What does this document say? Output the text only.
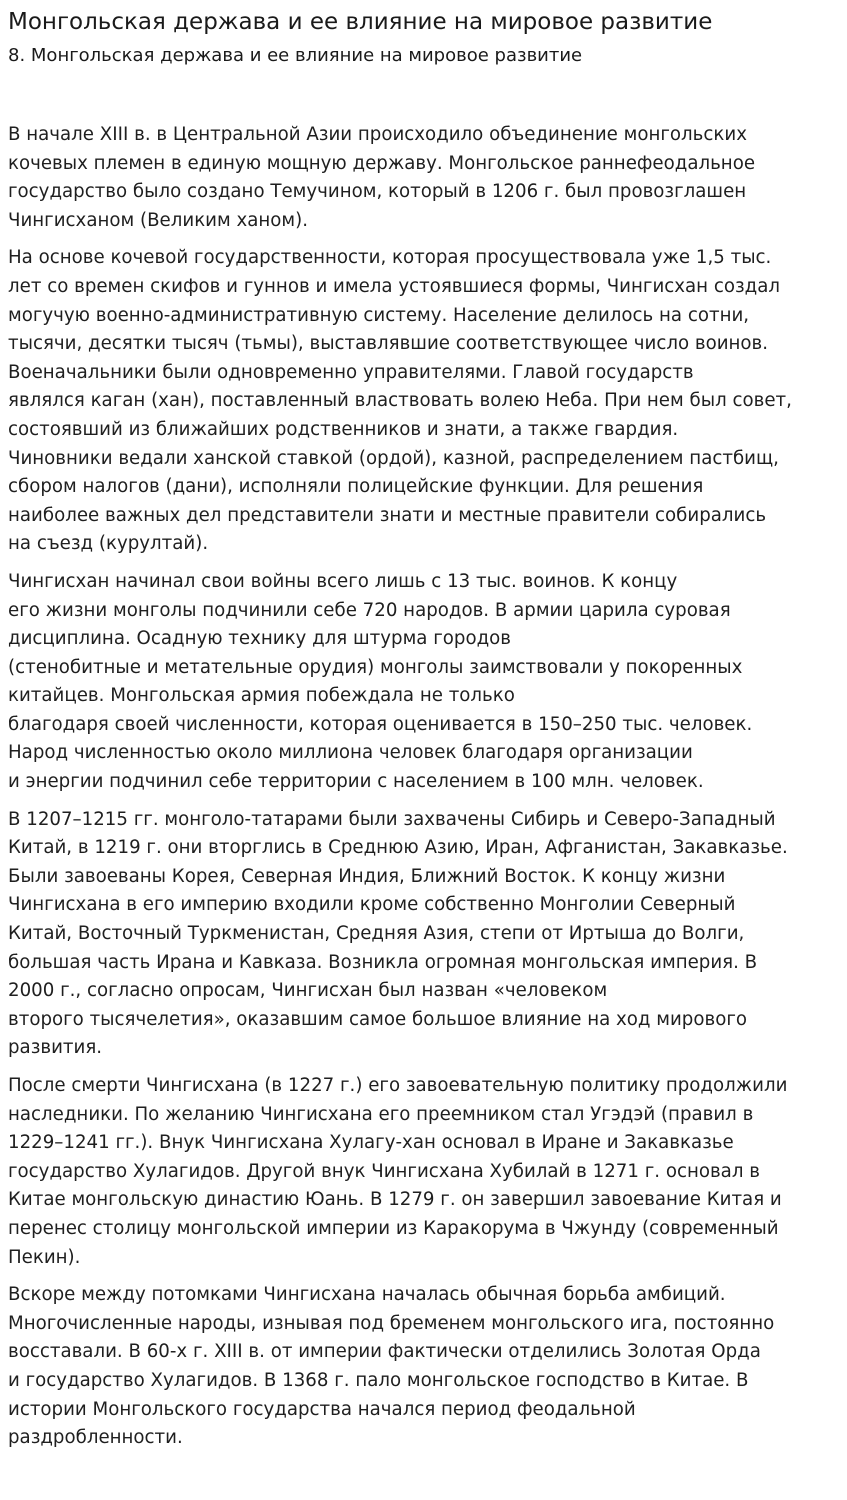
Монгольская держава и ее влияние на мировое развитие
8. Монгольская держава и ее влияние на мировое развитие

В начале XIII в. в Центральной Азии происходило объединение монгольских
кочевых племен в единую мощную державу. Монгольское раннефеодальное
государство было создано Темучином, который в 1206 г. был провозглашен
Чингисханом (Великим ханом).

На основе кочевой государственности, которая просуществовала уже 1,5 тыс.
лет со времен скифов и гуннов и имела устоявшиеся формы, Чингисхан создал
могучую военно-административную систему. Население делилось на сотни,
тысячи, десятки тысяч (тьмы), выставлявшие соответствующее число воинов.
Военачальники были одновременно управителями. Главой государств
являлся каган (хан), поставленный властвовать волею Неба. При нем был совет,
состоявший из ближайших родственников и знати, а также гвардия.
Чиновники ведали ханской ставкой (ордой), казной, распределением пастбищ,
сбором налогов (дани), исполняли полицейские функции. Для решения
наиболее важных дел представители знати и местные правители собирались
на съезд (курултай).

Чингисхан начинал свои войны всего лишь с 13 тыс. воинов. К концу
его жизни монголы подчинили себе 720 народов. В армии царила суровая
дисциплина. Осадную технику для штурма городов
(стенобитные и метательные орудия) монголы заимствовали у покоренных
китайцев. Монгольская армия побеждала не только
благодаря своей численности, которая оценивается в 150–250 тыс. человек.
Народ численностью около миллиона человек благодаря организации
и энергии подчинил себе территории с населением в 100 млн. человек.

В 1207–1215 гг. монголо-татарами были захвачены Сибирь и Северо-Западный
Китай, в 1219 г. они вторглись в Среднюю Азию, Иран, Афганистан, Закавказье.
Были завоеваны Корея, Северная Индия, Ближний Восток. К концу жизни
Чингисхана в его империю входили кроме собственно Монголии Северный
Китай, Восточный Туркменистан, Средняя Азия, степи от Иртыша до Волги,
большая часть Ирана и Кавказа. Возникла огромная монгольская империя. В
2000 г., согласно опросам, Чингисхан был назван «человеком
второго тысячелетия», оказавшим самое большое влияние на ход мирового
развития.

После смерти Чингисхана (в 1227 г.) его завоевательную политику продолжили
наследники. По желанию Чингисхана его преемником стал Угэдэй (правил в
1229–1241 гг.). Внук Чингисхана Хулагу-хан основал в Иране и Закавказье
государство Хулагидов. Другой внук Чингисхана Хубилай в 1271 г. основал в
Китае монгольскую династию Юань. В 1279 г. он завершил завоевание Китая и
перенес столицу монгольской империи из Каракорума в Чжунду (современный
Пекин).

Вскоре между потомками Чингисхана началась обычная борьба амбиций.
Многочисленные народы, изнывая под бременем монгольского ига, постоянно
восставали. В 60-х г. XIII в. от империи фактически отделились Золотая Орда
и государство Хулагидов. В 1368 г. пало монгольское господство в Китае. В
истории Монгольского государства начался период феодальной
раздробленности.
